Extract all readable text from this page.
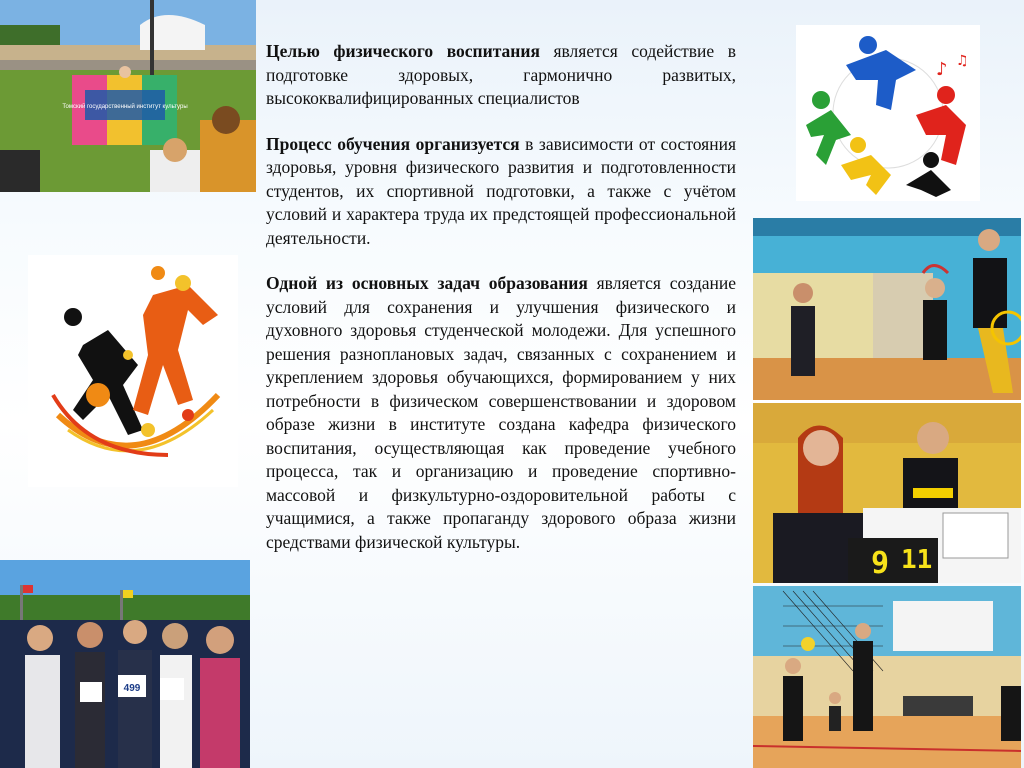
Томский государственный институт культуры
499
♪ ♫
9 11

Целью физического воспитания является содействие в подготовке здоровых, гармонично развитых, высококвалифицированных специалистов

Процесс обучения организуется в зависимости от состояния здоровья, уровня физического развития и подготовленности студентов, их спортивной подготовки, а также с учётом условий и характера труда их предстоящей профессиональной деятельности.

Одной из основных задач образования является создание условий для сохранения и улучшения физического и духовного здоровья студенческой молодежи. Для успешного решения разноплановых задач, связанных с сохранением и укреплением здоровья обучающихся, формированием у них потребности в физическом совершенствовании и здоровом образе жизни в институте создана кафедра физического воспитания, осуществляющая как проведение учебного процесса, так и организацию и проведение спортивно-массовой и физкультурно-оздоровительной работы с учащимися, а также пропаганду здорового образа жизни средствами физической культуры.
